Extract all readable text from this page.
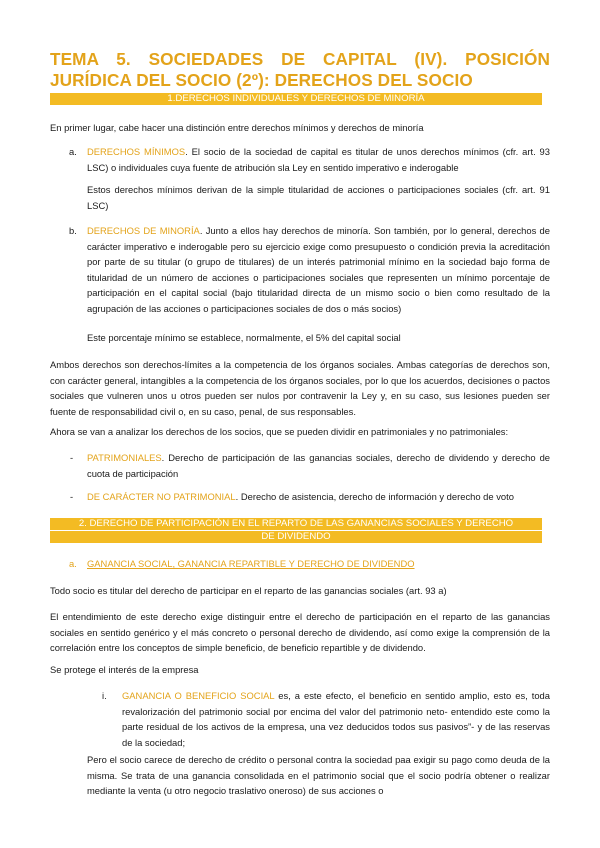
TEMA 5. SOCIEDADES DE CAPITAL (IV). POSICIÓN JURÍDICA DEL SOCIO (2º): DERECHOS DEL SOCIO
1.DERECHOS INDIVIDUALES Y DERECHOS DE MINORÍA
En primer lugar, cabe hacer una distinción entre derechos mínimos y derechos de minoría
a. DERECHOS MÍNIMOS. El socio de la sociedad de capital es titular de unos derechos mínimos (cfr. art. 93 LSC) o individuales cuya fuente de atribución sla Ley en sentido imperativo e inderogable
Estos derechos mínimos derivan de la simple titularidad de acciones o participaciones sociales (cfr. art. 91 LSC)
b. DERECHOS DE MINORÍA. Junto a ellos hay derechos de minoría. Son también, por lo general, derechos de carácter imperativo e inderogable pero su ejercicio exige como presupuesto o condición previa la acreditación por parte de su titular (o grupo de titulares) de un interés patrimonial mínimo en la sociedad bajo forma de titularidad de un número de acciones o participaciones sociales que representen un mínimo porcentaje de participación en el capital social (bajo titularidad directa de un mismo socio o bien como resultado de la agrupación de las acciones o participaciones sociales de dos o más socios)
Este porcentaje mínimo se establece, normalmente, el 5% del capital social
Ambos derechos son derechos-límites a la competencia de los órganos sociales. Ambas categorías de derechos son, con carácter general, intangibles a la competencia de los órganos sociales, por lo que los acuerdos, decisiones o pactos sociales que vulneren unos u otros pueden ser nulos por contravenir la Ley y, en su caso, sus lesiones pueden ser fuente de responsabilidad civil o, en su caso, penal, de sus responsables.
Ahora se van a analizar los derechos de los socios, que se pueden dividir en patrimoniales y no patrimoniales:
- PATRIMONIALES. Derecho de participación de las ganancias sociales, derecho de dividendo y derecho de cuota de participación
- DE CARÁCTER NO PATRIMONIAL. Derecho de asistencia, derecho de información y derecho de voto
2. DERECHO DE PARTICIPACIÓN EN EL REPARTO DE LAS GANANCIAS SOCIALES Y DERECHO
DE DIVIDENDO
a. GANANCIA SOCIAL, GANANCIA REPARTIBLE Y DERECHO DE DIVIDENDO
Todo socio es titular del derecho de participar en el reparto de las ganancias sociales (art. 93 a)
El entendimiento de este derecho exige distinguir entre el derecho de participación en el reparto de las ganancias sociales en sentido genérico y el más concreto o personal derecho de dividendo, así como exige la comprensión de la correlación entre los conceptos de simple beneficio, de beneficio repartible y de dividendo.
Se protege el interés de la empresa
i. GANANCIA O BENEFICIO SOCIAL es, a este efecto, el beneficio en sentido amplio, esto es, toda revalorización del patrimonio social por encima del valor del patrimonio neto- entendido este como la parte residual de los activos de la empresa, una vez deducidos todos sus pasivos”- y de las reservas de la sociedad;
Pero el socio carece de derecho de crédito o personal contra la sociedad paa exigir su pago como deuda de la misma. Se trata de una ganancia consolidada en el patrimonio social que el socio podría obtener o realizar mediante la venta (u otro negocio traslativo oneroso) de sus acciones o
